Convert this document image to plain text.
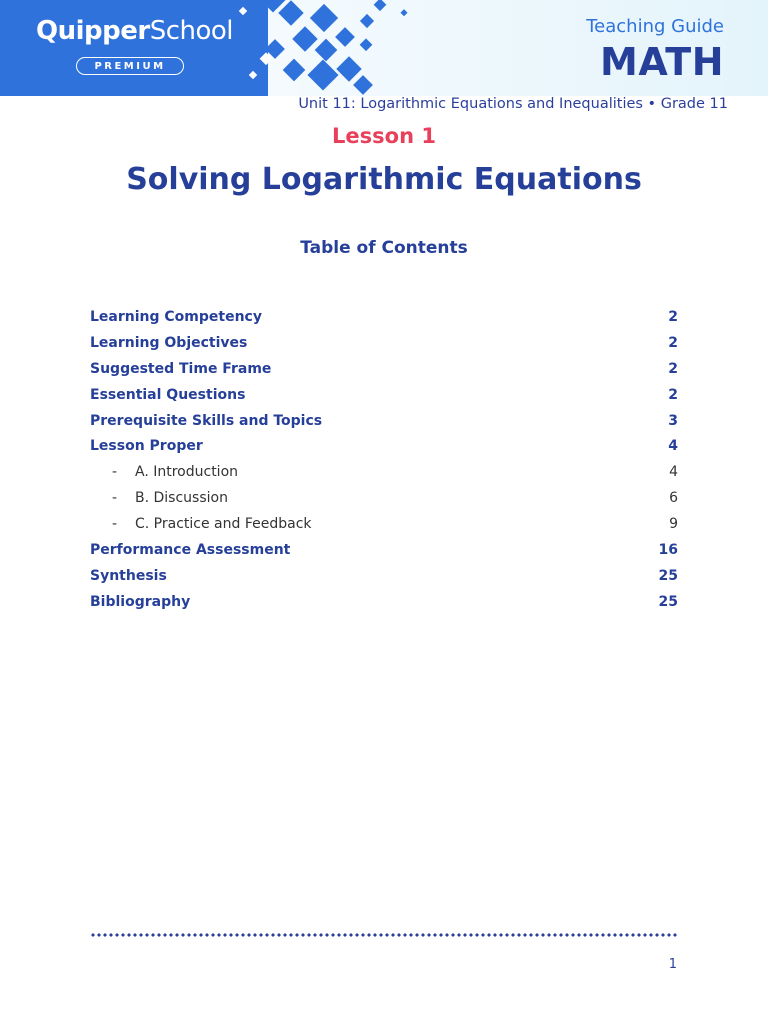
QuipperSchool
PREMIUM
Teaching Guide
MATH
Unit 11: Logarithmic Equations and Inequalities • Grade 11
Lesson 1
Solving Logarithmic Equations
Table of Contents
Learning Competency	2
Learning Objectives	2
Suggested Time Frame	2
Essential Questions	2
Prerequisite Skills and Topics	3
Lesson Proper	4
- A. Introduction	4
- B. Discussion	6
- C. Practice and Feedback	9
Performance Assessment	16
Synthesis	25
Bibliography	25
1
